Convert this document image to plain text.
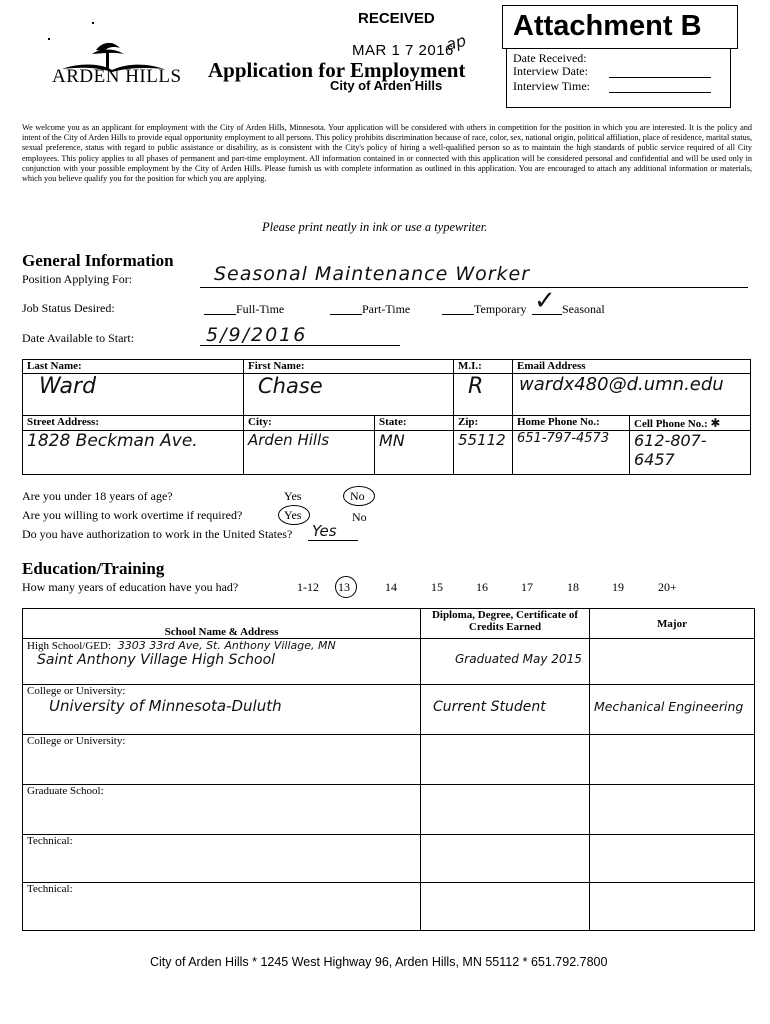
ARDEN HILLS
RECEIVED
MAR 1 7 2016
ap
Application for Employment
City of Arden Hills
Date Received:
Interview Date:
Interview Time:
Attachment B
We welcome you as an applicant for employment with the City of Arden Hills, Minnesota. Your application will be considered with others in competition for the position in which you are interested. It is the policy and intent of the City of Arden Hills to provide equal opportunity employment to all persons. This policy prohibits discrimination because of race, color, sex, national origin, political affiliation, place of residence, marital status, sexual preference, status with regard to public assistance or disability, as is consistent with the City's policy of hiring a well-qualified person so as to maintain the high standards of public service required of all City employees. This policy applies to all phases of permanent and part-time employment. All information contained in or connected with this application will be considered personal and confidential and will be used only in conjunction with your possible employment by the City of Arden Hills. Please furnish us with complete information as outlined in this application. You are encouraged to attach any additional information or materials, which you believe qualify you for the position for which you are applying.
Please print neatly in ink or use a typewriter.
General Information
Position Applying For:	Seasonal Maintenance Worker
Job Status Desired:	Full-Time	Part-Time	Temporary ✓ Seasonal
Date Available to Start:	5/9/2016
Last Name:	First Name:		M.I.:	Email Address	
Ward	Chase		R	wardx480@d.umn.edu	
Street Address:	City:	State:	Zip:	Home Phone No.:	Cell Phone No.: ✱
1828 Beckman Ave.	Arden Hills	MN	55112	651-797-4573	612-807-6457
Are you under 18 years of age?	Yes	No
Are you willing to work overtime if required?	Yes	No
Do you have authorization to work in the United States? Yes
Education/Training
How many years of education have you had?	1-12 13	14	15	16	17	18	19	20+
School Name & Address	Diploma, Degree, Certificate of Credits Earned	Major
High School/GED: 3303 33rd Ave, St. Anthony Village, MN
Saint Anthony Village High School	Graduated May 2015	
College or University:
University of Minnesota-Duluth	Current Student	Mechanical Engineering
College or University:		
Graduate School:		
Technical:		
Technical:		
City of Arden Hills * 1245 West Highway 96, Arden Hills, MN 55112 * 651.792.7800
